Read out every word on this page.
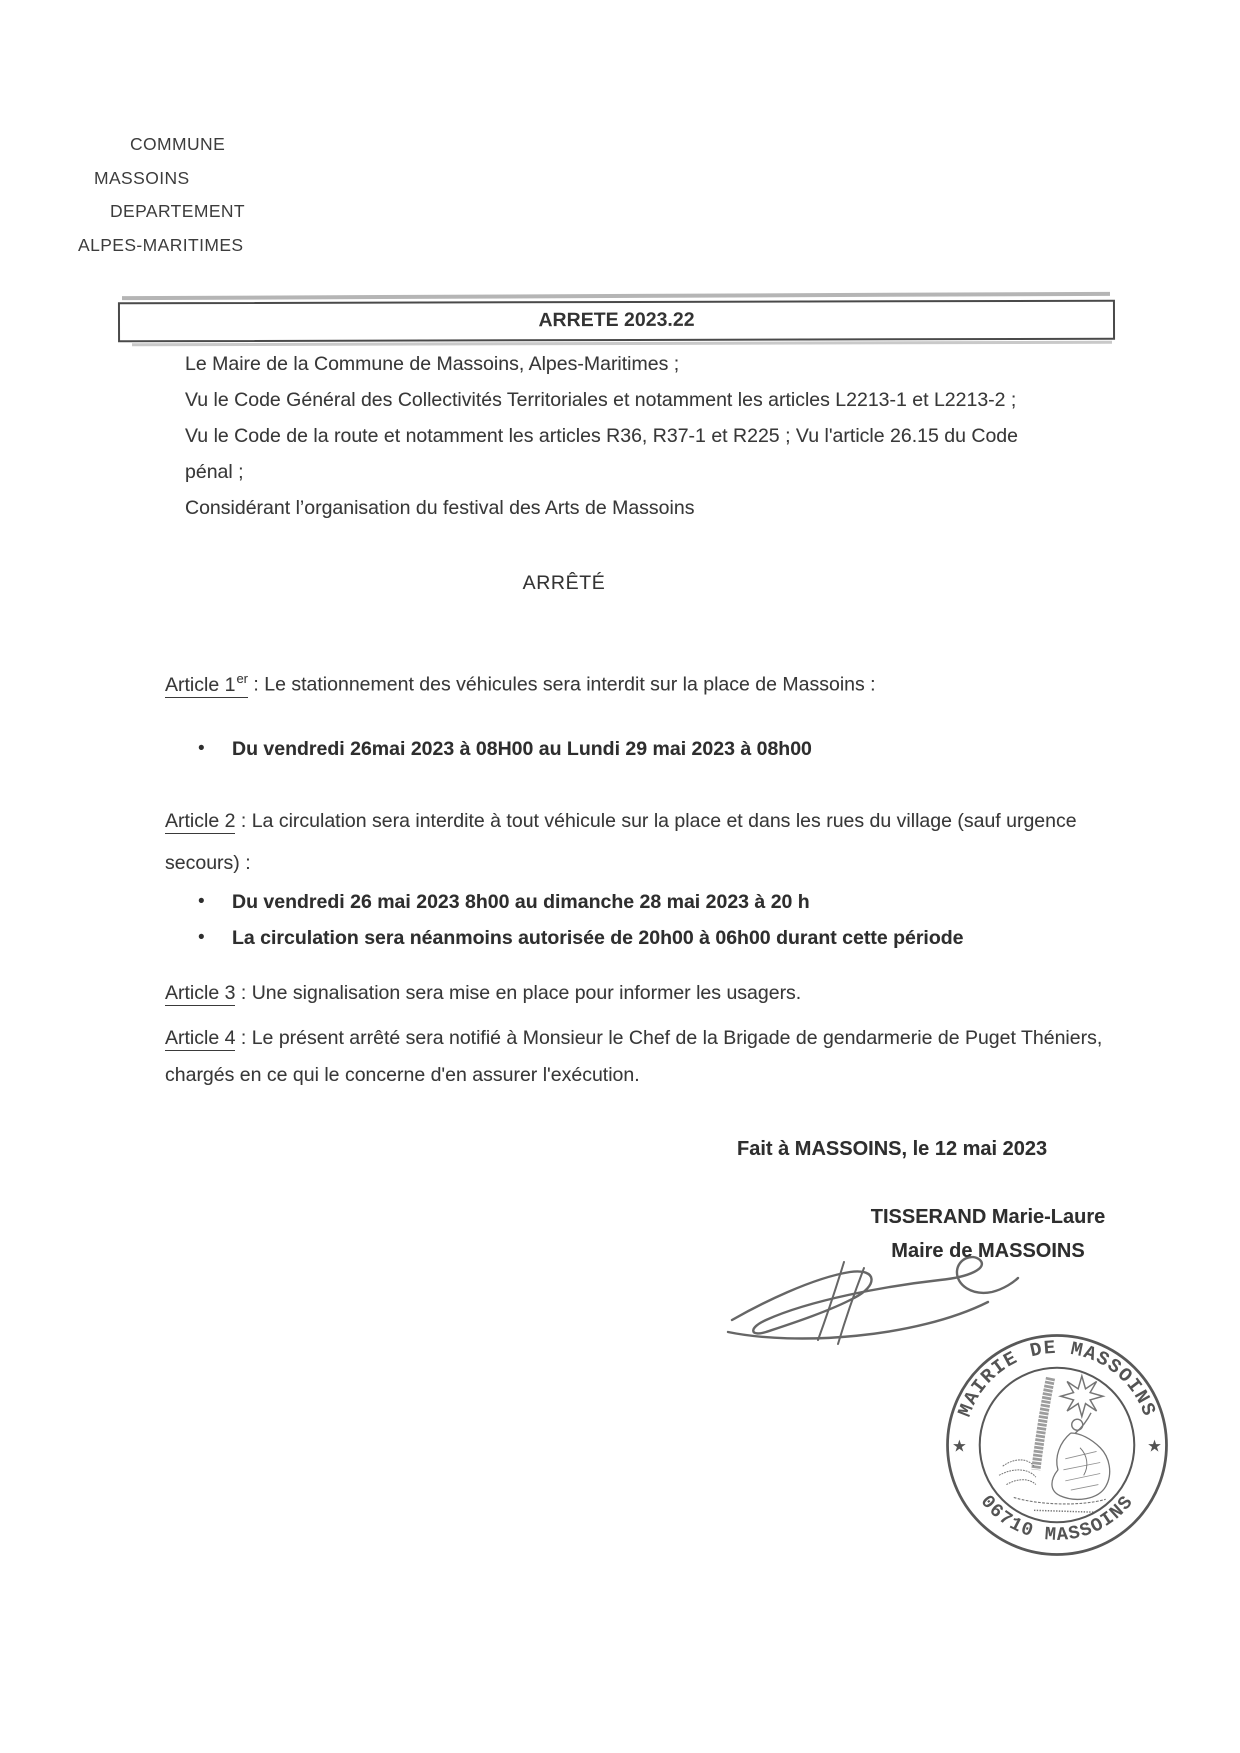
COMMUNE
MASSOINS
DEPARTEMENT
ALPES-MARITIMES
ARRETE 2023.22

Le Maire de la Commune de Massoins, Alpes-Maritimes ;

Vu le Code Général des Collectivités Territoriales et notamment les articles L2213-1 et L2213-2 ;

Vu le Code de la route et notamment les articles R36, R37-1 et R225 ; Vu l'article 26.15 du Code pénal ;

Considérant l’organisation du festival des Arts de Massoins

ARRÊTÉ
Article 1er : Le stationnement des véhicules sera interdit sur la place de Massoins :
•	Du vendredi 26mai 2023 à 08H00 au Lundi 29 mai 2023 à 08h00
Article 2 : La circulation sera interdite à tout véhicule sur la place et dans les rues du village (sauf urgence secours) :
•	Du vendredi 26 mai 2023 8h00 au dimanche 28 mai 2023 à 20 h
•	La circulation sera néanmoins autorisée de 20h00 à 06h00 durant cette période
Article 3 : Une signalisation sera mise en place pour informer les usagers.
Article 4 : Le présent arrêté sera notifié à Monsieur le Chef de la Brigade de gendarmerie de Puget Théniers, chargés en ce qui le concerne d'en assurer l'exécution.
Fait à MASSOINS, le 12 mai 2023
TISSERAND Marie-Laure
Maire de MASSOINS
MAIRIE DE MASSOINS
06710 MASSOINS
★	★
